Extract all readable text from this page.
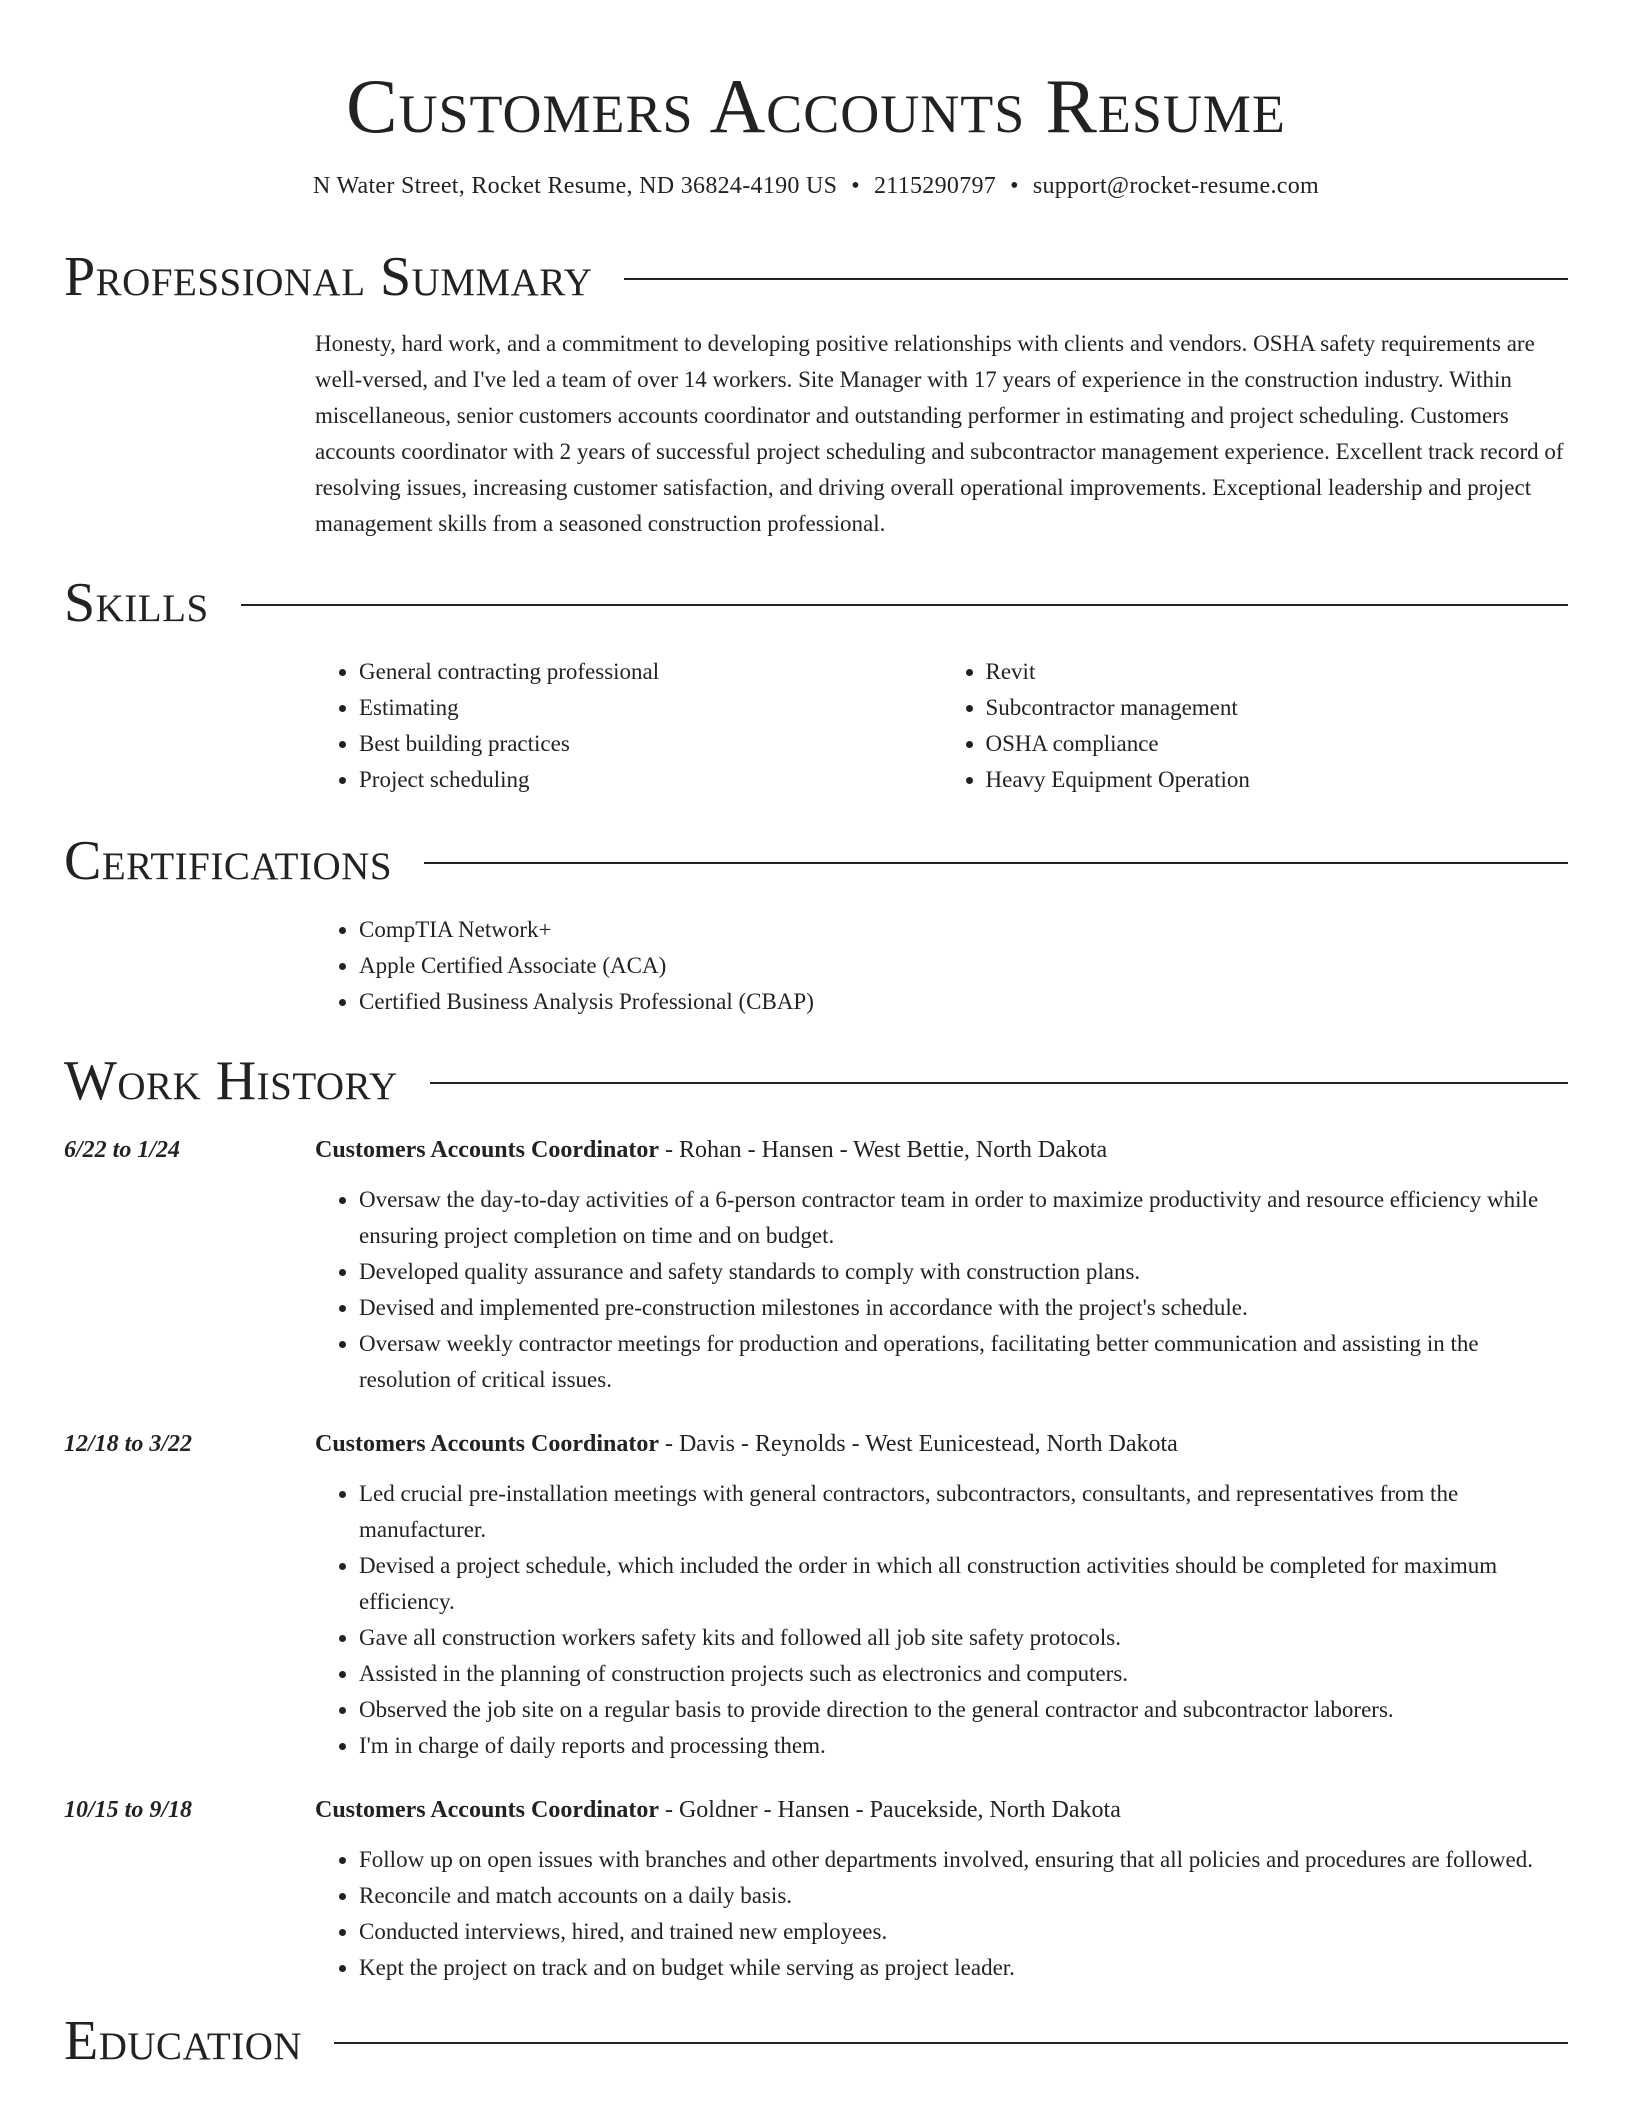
Customers Accounts Resume
N Water Street, Rocket Resume, ND 36824-4190 US • 2115290797 • support@rocket-resume.com
Professional Summary
Honesty, hard work, and a commitment to developing positive relationships with clients and vendors. OSHA safety requirements are well-versed, and I've led a team of over 14 workers. Site Manager with 17 years of experience in the construction industry. Within miscellaneous, senior customers accounts coordinator and outstanding performer in estimating and project scheduling. Customers accounts coordinator with 2 years of successful project scheduling and subcontractor management experience. Excellent track record of resolving issues, increasing customer satisfaction, and driving overall operational improvements. Exceptional leadership and project management skills from a seasoned construction professional.
Skills
• General contracting professional
• Estimating
• Best building practices
• Project scheduling
• Revit
• Subcontractor management
• OSHA compliance
• Heavy Equipment Operation
Certifications
• CompTIA Network+
• Apple Certified Associate (ACA)
• Certified Business Analysis Professional (CBAP)
Work History
6/22 to 1/24	Customers Accounts Coordinator - Rohan - Hansen - West Bettie, North Dakota
• Oversaw the day-to-day activities of a 6-person contractor team in order to maximize productivity and resource efficiency while ensuring project completion on time and on budget.
• Developed quality assurance and safety standards to comply with construction plans.
• Devised and implemented pre-construction milestones in accordance with the project's schedule.
• Oversaw weekly contractor meetings for production and operations, facilitating better communication and assisting in the resolution of critical issues.
12/18 to 3/22	Customers Accounts Coordinator - Davis - Reynolds - West Eunicestead, North Dakota
• Led crucial pre-installation meetings with general contractors, subcontractors, consultants, and representatives from the manufacturer.
• Devised a project schedule, which included the order in which all construction activities should be completed for maximum efficiency.
• Gave all construction workers safety kits and followed all job site safety protocols.
• Assisted in the planning of construction projects such as electronics and computers.
• Observed the job site on a regular basis to provide direction to the general contractor and subcontractor laborers.
• I'm in charge of daily reports and processing them.
10/15 to 9/18	Customers Accounts Coordinator - Goldner - Hansen - Paucekside, North Dakota
• Follow up on open issues with branches and other departments involved, ensuring that all policies and procedures are followed.
• Reconcile and match accounts on a daily basis.
• Conducted interviews, hired, and trained new employees.
• Kept the project on track and on budget while serving as project leader.
Education
